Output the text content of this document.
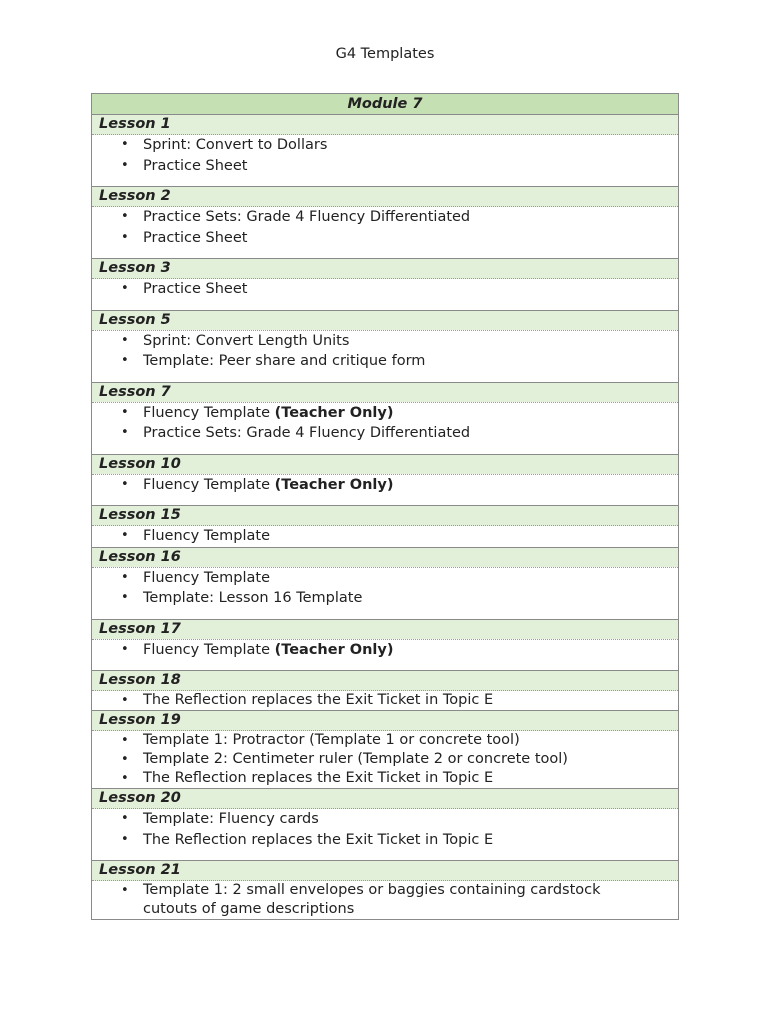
G4 Templates
Module 7
Lesson 1

• Sprint: Convert to Dollars
• Practice Sheet

Lesson 2

• Practice Sets: Grade 4 Fluency Differentiated
• Practice Sheet

Lesson 3

• Practice Sheet

Lesson 5

• Sprint: Convert Length Units
• Template: Peer share and critique form

Lesson 7

• Fluency Template (Teacher Only)
• Practice Sets: Grade 4 Fluency Differentiated

Lesson 10

• Fluency Template (Teacher Only)

Lesson 15

• Fluency Template

Lesson 16

• Fluency Template
• Template: Lesson 16 Template

Lesson 17

• Fluency Template (Teacher Only)

Lesson 18

• The Reflection replaces the Exit Ticket in Topic E

Lesson 19

• Template 1: Protractor (Template 1 or concrete tool)
• Template 2: Centimeter ruler (Template 2 or concrete tool)
• The Reflection replaces the Exit Ticket in Topic E

Lesson 20

• Template: Fluency cards
• The Reflection replaces the Exit Ticket in Topic E

Lesson 21

• Template 1: 2 small envelopes or baggies containing cardstock cutouts of game descriptions
